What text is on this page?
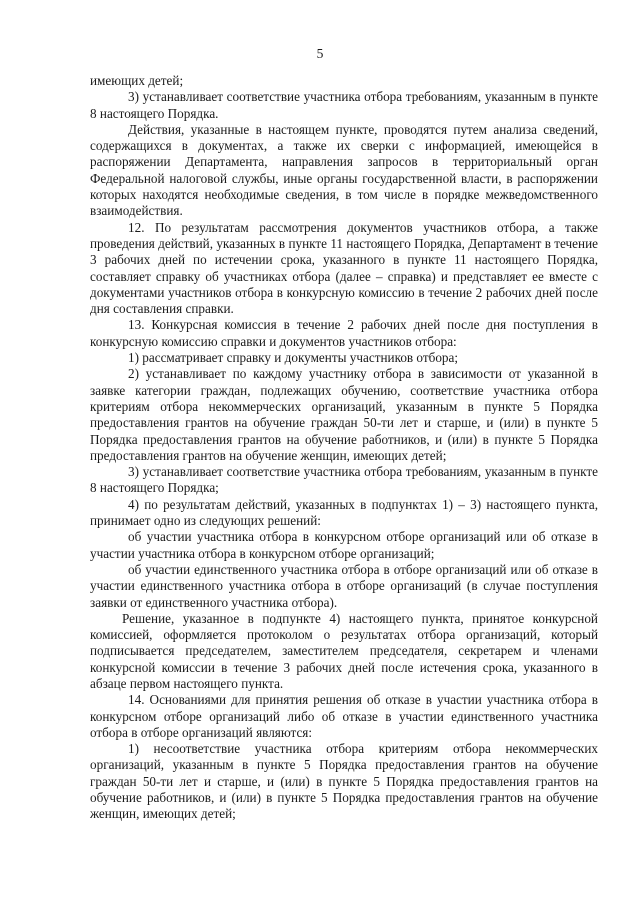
5

имеющих детей;

3) устанавливает соответствие участника отбора требованиям, указанным в пункте 8 настоящего Порядка.

Действия, указанные в настоящем пункте, проводятся путем анализа сведений, содержащихся в документах, а также их сверки с информацией, имеющейся в распоряжении Департамента, направления запросов в территориальный орган Федеральной налоговой службы, иные органы государственной власти, в распоряжении которых находятся необходимые сведения, в том числе в порядке межведомственного взаимодействия.

12. По результатам рассмотрения документов участников отбора, а также проведения действий, указанных в пункте 11 настоящего Порядка, Департамент в течение 3 рабочих дней по истечении срока, указанного в пункте 11 настоящего Порядка, составляет справку об участниках отбора (далее – справка) и представляет ее вместе с документами участников отбора в конкурсную комиссию в течение 2 рабочих дней после дня составления справки.

13. Конкурсная комиссия в течение 2 рабочих дней после дня поступления в конкурсную комиссию справки и документов участников отбора:

1) рассматривает справку и документы участников отбора;

2) устанавливает по каждому участнику отбора в зависимости от указанной в заявке категории граждан, подлежащих обучению, соответствие участника отбора критериям отбора некоммерческих организаций, указанным в пункте 5 Порядка предоставления грантов на обучение граждан 50-ти лет и старше, и (или) в пункте 5 Порядка предоставления грантов на обучение работников, и (или) в пункте 5 Порядка предоставления грантов на обучение женщин, имеющих детей;

3) устанавливает соответствие участника отбора требованиям, указанным в пункте 8 настоящего Порядка;

4) по результатам действий, указанных в подпунктах 1) – 3) настоящего пункта, принимает одно из следующих решений:

об участии участника отбора в конкурсном отборе организаций или об отказе в участии участника отбора в конкурсном отборе организаций;

об участии единственного участника отбора в отборе организаций или об отказе в участии единственного участника отбора в отборе организаций (в случае поступления заявки от единственного участника отбора).

Решение, указанное в подпункте 4) настоящего пункта, принятое конкурсной комиссией, оформляется протоколом о результатах отбора организаций, который подписывается председателем, заместителем председателя, секретарем и членами конкурсной комиссии в течение 3 рабочих дней после истечения срока, указанного в абзаце первом настоящего пункта.

14. Основаниями для принятия решения об отказе в участии участника отбора в конкурсном отборе организаций либо об отказе в участии единственного участника отбора в отборе организаций являются:

1) несоответствие участника отбора критериям отбора некоммерческих организаций, указанным в пункте 5 Порядка предоставления грантов на обучение граждан 50-ти лет и старше, и (или) в пункте 5 Порядка предоставления грантов на обучение работников, и (или) в пункте 5 Порядка предоставления грантов на обучение женщин, имеющих детей;
